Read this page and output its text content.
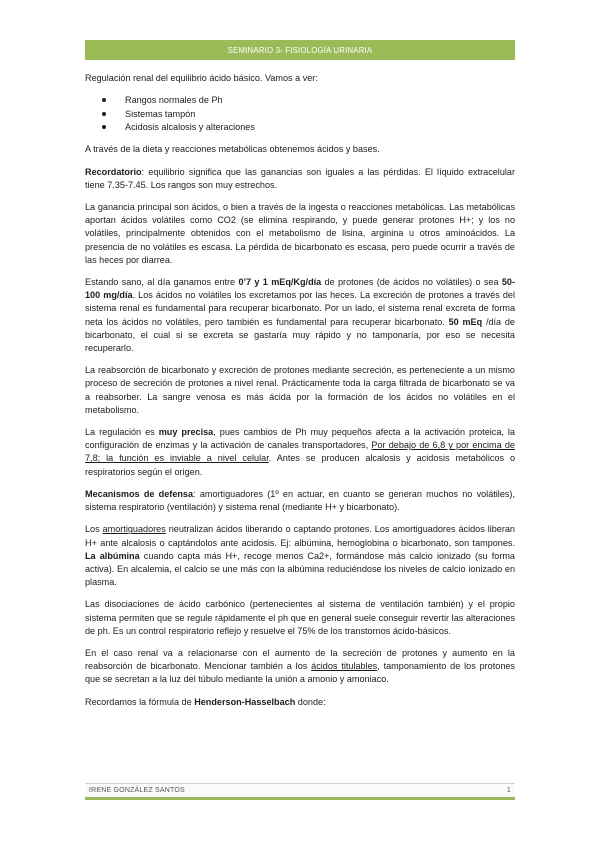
SEMINARIO 3- FISIOLOGÍA URINARIA

Regulación renal del equilibrio ácido básico. Vamos a ver:

Rangos normales de Ph
Sistemas tampón
Acidosis alcalosis y alteraciones

A través de la dieta y reacciones metabólicas obtenemos ácidos y bases.

Recordatorio: equilibrio significa que las ganancias son iguales a las pérdidas. El líquido extracelular tiene 7.35-7.45. Los rangos son muy estrechos.

La ganancia principal son ácidos, o bien a través de la ingesta o reacciones metabólicas. Las metabólicas aportan ácidos volátiles como CO2 (se elimina respirando, y puede generar protones H+; y los no volátiles, principalmente obtenidos con el metabolismo de lisina, arginina u otros aminoácidos. La presencia de no volátiles es escasa. La pérdida de bicarbonato es escasa, pero puede ocurrir a través de las heces por diarrea.

Estando sano, al día ganamos entre 0’7 y 1 mEq/Kg/día de protones (de ácidos no volátiles) o sea 50-100 mg/día. Los ácidos no volátiles los excretamos por las heces. La excreción de protones a través del sistema renal es fundamental para recuperar bicarbonato. Por un lado, el sistema renal excreta de forma neta los ácidos no volátiles, pero también es fundamental para recuperar bicarbonato. 50 mEq /día de bicarbonato, el cual si se excreta se gastaría muy rápido y no tamponaría, por eso se necesita recuperarlo.

La reabsorción de bicarbonato y excreción de protones mediante secreción, es perteneciente a un mismo proceso de secreción de protones a nivel renal. Prácticamente toda la carga filtrada de bicarbonato se va a reabsorber. La sangre venosa es más ácida por la formación de los ácidos no volátiles en el metabolismo.

La regulación es muy precisa, pues cambios de Ph muy pequeños afecta a la activación proteica, la configuración de enzimas y la activación de canales transportadores, Por debajo de 6,8 y por encima de 7,8; la función es inviable a nivel celular. Antes se producen alcalosis y acidosis metabólicos o respiratorios según el origen.

Mecanismos de defensa: amortiguadores (1º en actuar, en cuanto se generan muchos no volátiles), sistema respiratorio (ventilación) y sistema renal (mediante H+ y bicarbonato).

Los amortiguadores neutralizan ácidos liberando o captando protones. Los amortiguadores ácidos liberan H+ ante alcalosis o captándolos ante acidosis. Ej: albúmina, hemoglobina o bicarbonato, son tampones. La albúmina cuando capta más H+, recoge menos Ca2+, formándose más calcio ionizado (su forma activa). En alcalemia, el calcio se une más con la albúmina reduciéndose los niveles de calcio ionizado en plasma.

Las disociaciones de ácido carbónico (pertenecientes al sistema de ventilación también) y el propio sistema permiten que se regule rápidamente el ph que en general suele conseguir revertir las alteraciones de ph. Es un control respiratorio reflejo y resuelve el 75% de los transtornos ácido-básicos.

En el caso renal va a relacionarse con el aumento de la secreción de protones y aumento en la reabsorción de bicarbonato. Mencionar también a los ácidos titulables, tamponamiento de los protones que se secretan a la luz del túbulo mediante la unión a amonio y amoniaco.

Recordamos la fórmula de Henderson-Hasselbach donde:

IRENE GONZÁLEZ SANTOS	1
